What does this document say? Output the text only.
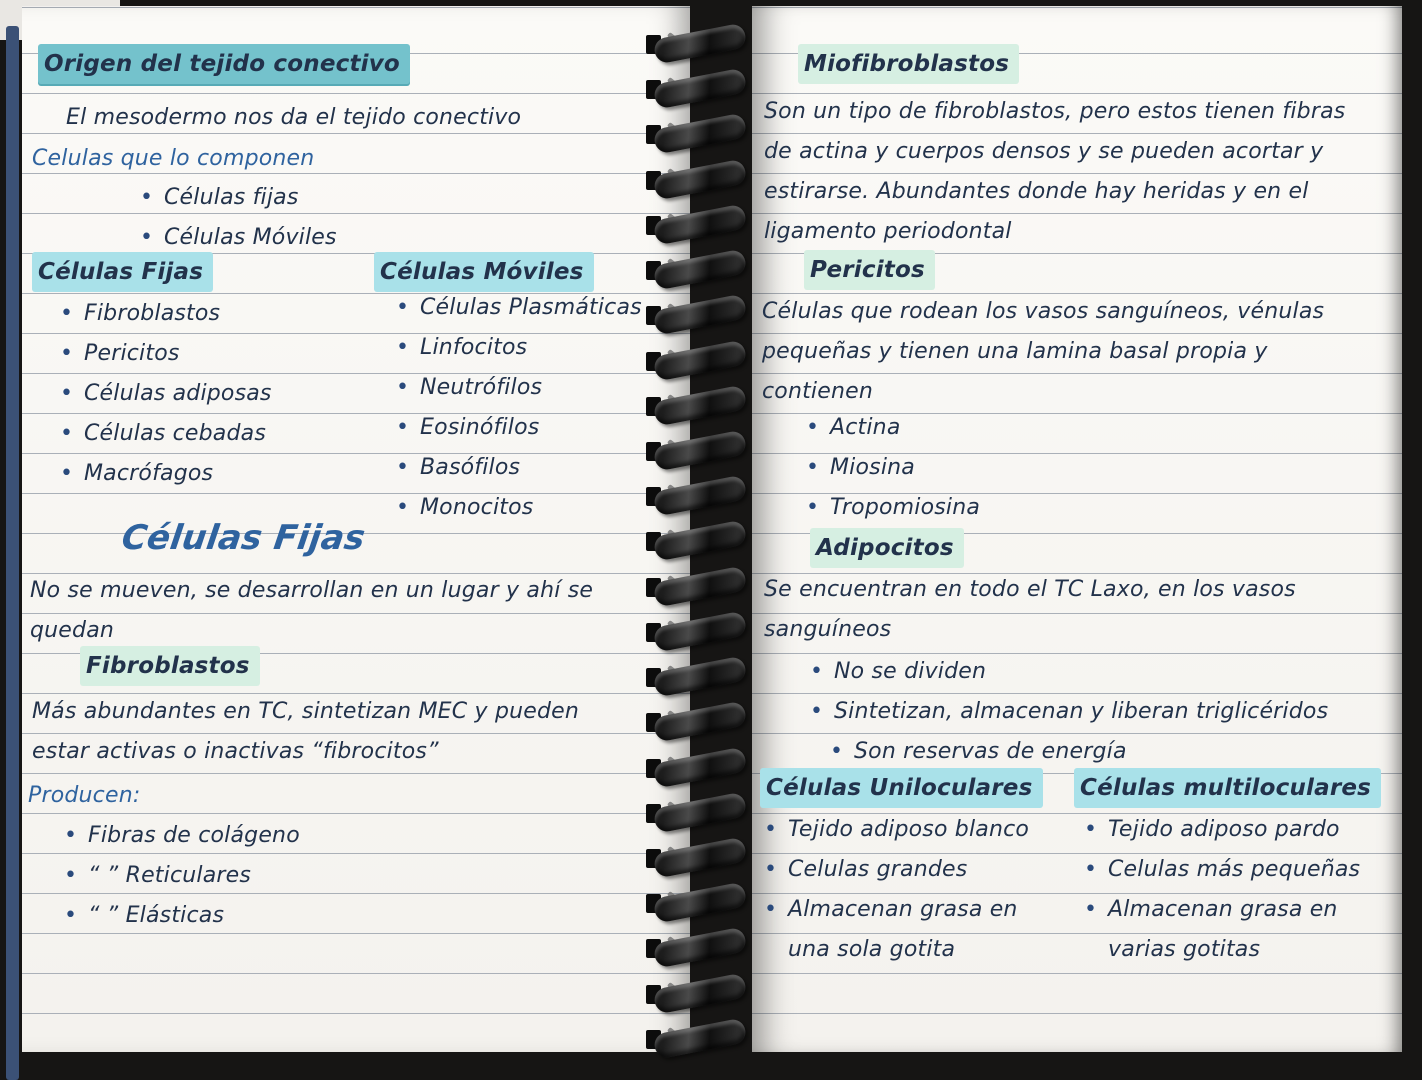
Origen del tejido conectivo
El mesodermo nos da el tejido conectivo
Celulas que lo componen
• Células fijas
• Células Móviles
Células Fijas	Células Móviles
• Fibroblastos
• Pericitos
• Células adiposas
• Células cebadas
• Macrófagos
• Células Plasmáticas
• Linfocitos
• Neutrófilos
• Eosinófilos
• Basófilos
• Monocitos
Células Fijas
No se mueven, se desarrollan en un lugar y ahí se quedan
Fibroblastos
Más abundantes en TC, sintetizan MEC y pueden estar activas o inactivas “fibrocitos”
Producen:
• Fibras de colágeno
• “ ” Reticulares
• “ ” Elásticas
Miofibroblastos
Son un tipo de fibroblastos, pero estos tienen fibras de actina y cuerpos densos y se pueden acortar y estirarse. Abundantes donde hay heridas y en el ligamento periodontal
Pericitos
Células que rodean los vasos sanguíneos, vénulas pequeñas y tienen una lamina basal propia y contienen
• Actina
• Miosina
• Tropomiosina
Adipocitos
Se encuentran en todo el TC Laxo, en los vasos sanguíneos
• No se dividen
• Sintetizan, almacenan y liberan triglicéridos
• Son reservas de energía
Células Uniloculares	Células multiloculares
• Tejido adiposo blanco
• Celulas grandes
• Almacenan grasa en una sola gotita
• Tejido adiposo pardo
• Celulas más pequeñas
• Almacenan grasa en varias gotitas
